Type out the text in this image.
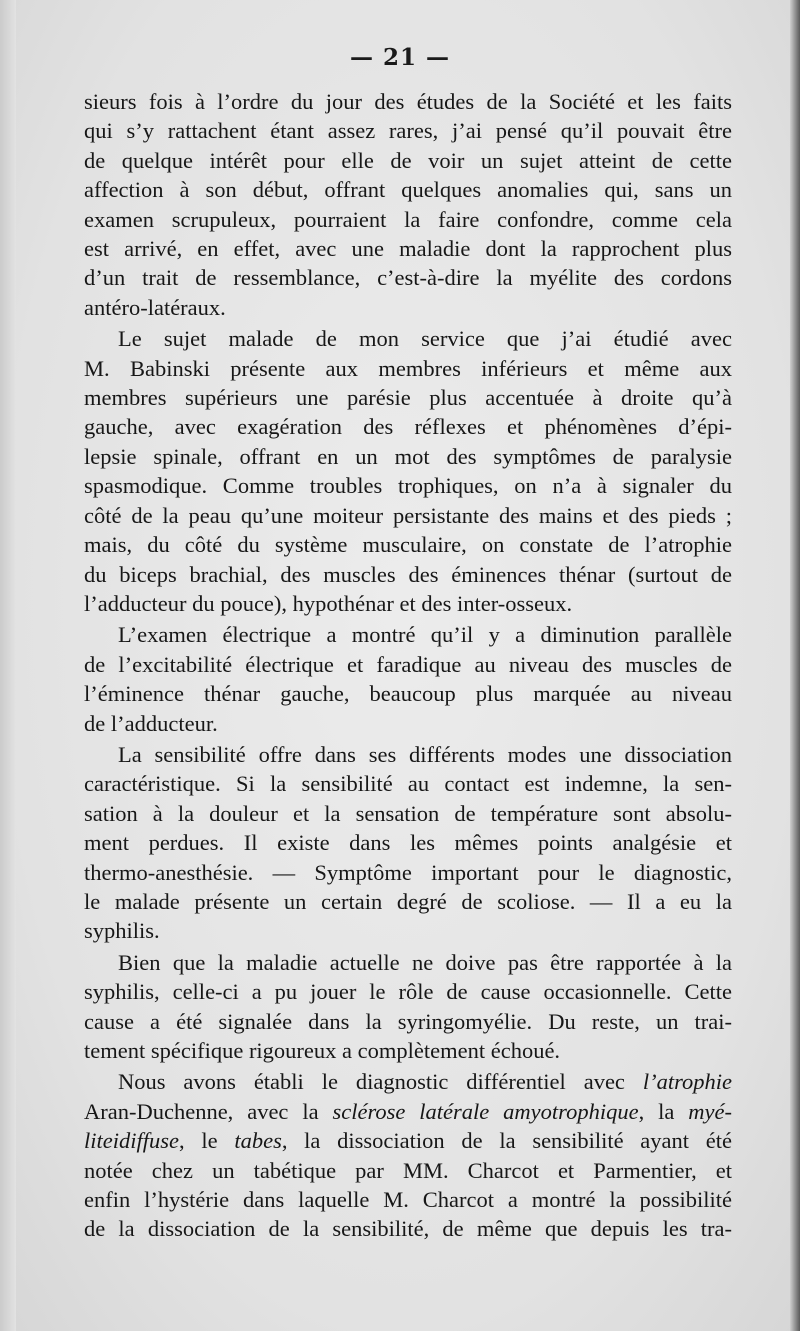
— 21 —
sieurs fois à l’ordre du jour des études de la Société et les faits
qui s’y rattachent étant assez rares, j’ai pensé qu’il pouvait être
de quelque intérêt pour elle de voir un sujet atteint de cette
affection à son début, offrant quelques anomalies qui, sans un
examen scrupuleux, pourraient la faire confondre, comme cela
est arrivé, en effet, avec une maladie dont la rapprochent plus
d’un trait de ressemblance, c’est-à-dire la myélite des cordons
antéro-latéraux.
Le sujet malade de mon service que j’ai étudié avec
M. Babinski présente aux membres inférieurs et même aux
membres supérieurs une parésie plus accentuée à droite qu’à
gauche, avec exagération des réflexes et phénomènes d’épi-
lepsie spinale, offrant en un mot des symptômes de paralysie
spasmodique. Comme troubles trophiques, on n’a à signaler du
côté de la peau qu’une moiteur persistante des mains et des pieds ;
mais, du côté du système musculaire, on constate de l’atrophie
du biceps brachial, des muscles des éminences thénar (surtout de
l’adducteur du pouce), hypothénar et des inter-osseux.
L’examen électrique a montré qu’il y a diminution parallèle
de l’excitabilité électrique et faradique au niveau des muscles de
l’éminence thénar gauche, beaucoup plus marquée au niveau
de l’adducteur.
La sensibilité offre dans ses différents modes une dissociation
caractéristique. Si la sensibilité au contact est indemne, la sen-
sation à la douleur et la sensation de température sont absolu-
ment perdues. Il existe dans les mêmes points analgésie et
thermo-anesthésie. — Symptôme important pour le diagnostic,
le malade présente un certain degré de scoliose. — Il a eu la
syphilis.
Bien que la maladie actuelle ne doive pas être rapportée à la
syphilis, celle-ci a pu jouer le rôle de cause occasionnelle. Cette
cause a été signalée dans la syringomyélie. Du reste, un trai-
tement spécifique rigoureux a complètement échoué.
Nous avons établi le diagnostic différentiel avec l’atrophie
Aran-Duchenne, avec la sclérose latérale amyotrophique, la myé-
liteidiffuse, le tabes, la dissociation de la sensibilité ayant été
notée chez un tabétique par MM. Charcot et Parmentier, et
enfin l’hystérie dans laquelle M. Charcot a montré la possibilité
de la dissociation de la sensibilité, de même que depuis les tra-
